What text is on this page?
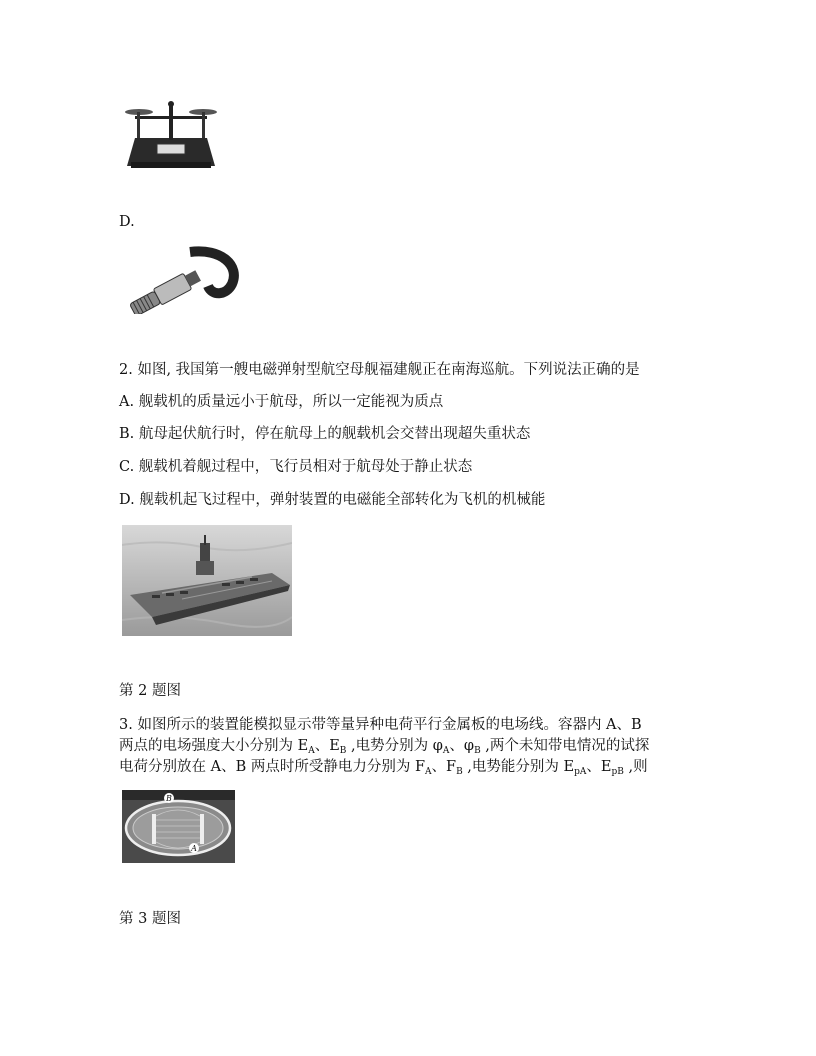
D.
2. 如图, 我国第一艘电磁弹射型航空母舰福建舰正在南海巡航。下列说法正确的是
A. 舰载机的质量远小于航母，所以一定能视为质点
B. 航母起伏航行时，停在航母上的舰载机会交替出现超失重状态
C. 舰载机着舰过程中，飞行员相对于航母处于静止状态
D. 舰载机起飞过程中，弹射装置的电磁能全部转化为飞机的机械能
第 2 题图
3. 如图所示的装置能模拟显示带等量异种电荷平行金属板的电场线。容器内 A、B
两点的电场强度大小分别为 $E_A$、$E_B$ ,电势分别为 $\varphi_A$、$\varphi_B$ ,两个未知带电情况的试探
电荷分别放在 A、B 两点时所受静电力分别为 $F_A$、$F_B$ ,电势能分别为 $E_{pA}$、$E_{pB}$ ,则
B
A
第 3 题图
